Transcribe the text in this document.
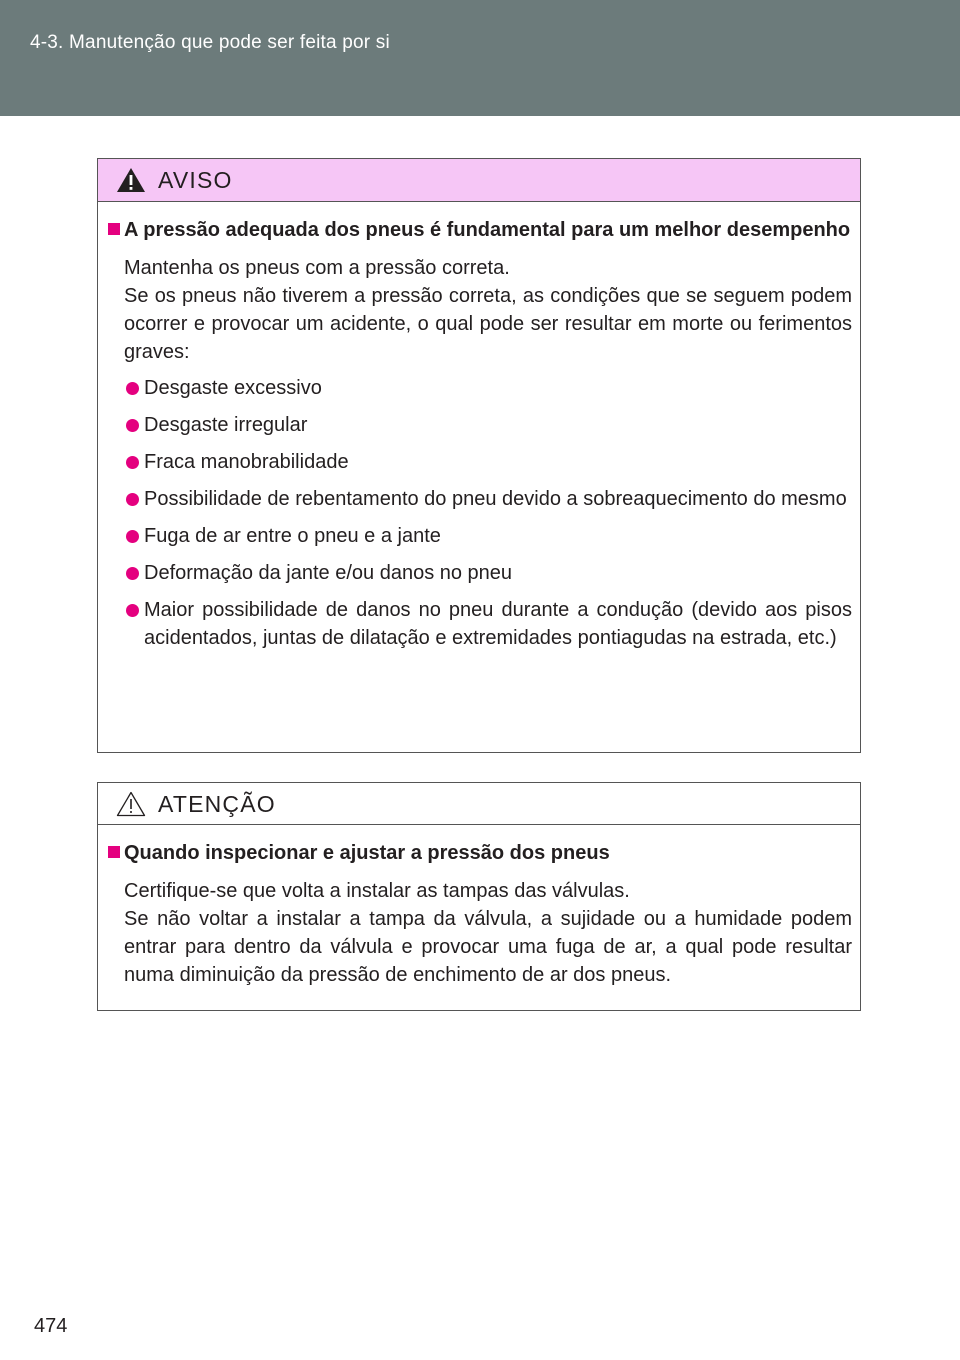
4-3. Manutenção que pode ser feita por si
AVISO
A pressão adequada dos pneus é fundamental para um melhor desempenho
Mantenha os pneus com a pressão correta.
Se os pneus não tiverem a pressão correta, as condições que se seguem podem ocorrer e provocar um acidente, o qual pode ser resultar em morte ou ferimentos graves:
Desgaste excessivo
Desgaste irregular
Fraca manobrabilidade
Possibilidade de rebentamento do pneu devido a sobreaquecimento do mesmo
Fuga de ar entre o pneu e a jante
Deformação da jante e/ou danos no pneu
Maior possibilidade de danos no pneu durante a condução (devido aos pisos acidentados, juntas de dilatação e extremidades pontiagudas na estrada, etc.)
ATENÇÃO
Quando inspecionar e ajustar a pressão dos pneus
Certifique-se que volta a instalar as tampas das válvulas.
Se não voltar a instalar a tampa da válvula, a sujidade ou a humidade podem entrar para dentro da válvula e provocar uma fuga de ar, a qual pode resultar numa diminuição da pressão de enchimento de ar dos pneus.
474
